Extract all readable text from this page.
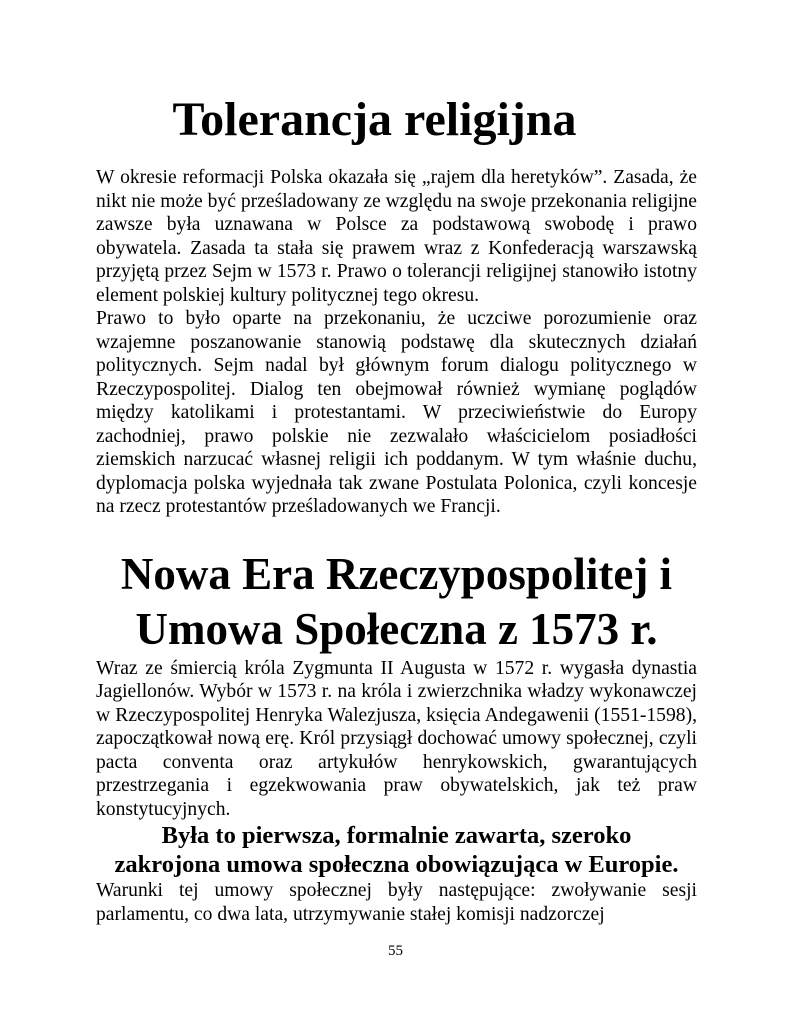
Tolerancja religijna

W okresie reformacji Polska okazała się „rajem dla heretyków”. Zasada, że nikt nie może być prześladowany ze względu na swoje przekonania religijne zawsze była uznawana w Polsce za podstawową swobodę i prawo obywatela. Zasada ta stała się prawem wraz z Konfederacją warszawską przyjętą przez Sejm w 1573 r. Prawo o tolerancji religijnej stanowiło istotny element polskiej kultury politycznej tego okresu.

Prawo to było oparte na przekonaniu, że uczciwe porozumienie oraz wzajemne poszanowanie stanowią podstawę dla skutecznych działań politycznych. Sejm nadal był głównym forum dialogu politycznego w Rzeczypospolitej. Dialog ten obejmował również wymianę poglądów między katolikami i protestantami. W przeciwieństwie do Europy zachodniej, prawo polskie nie zezwalało właścicielom posiadłości ziemskich narzucać własnej religii ich poddanym. W tym właśnie duchu, dyplomacja polska wyjednała tak zwane Postulata Polonica, czyli koncesje na rzecz protestantów prześladowanych we Francji.

Nowa Era Rzeczypospolitej i
Umowa Społeczna z 1573 r.

Wraz ze śmiercią króla Zygmunta II Augusta w 1572 r. wygasła dynastia Jagiellonów. Wybór w 1573 r. na króla i zwierzchnika władzy wykonawczej w Rzeczypospolitej Henryka Walezjusza, księcia Andegawenii (1551-1598), zapoczątkował nową erę. Król przysiągł dochować umowy społecznej, czyli pacta conventa oraz artykułów henrykowskich, gwarantujących przestrzegania i egzekwowania praw obywatelskich, jak też praw konstytucyjnych.

Była to pierwsza, formalnie zawarta, szeroko
zakrojona umowa społeczna obowiązująca w Europie.

Warunki tej umowy społecznej były następujące: zwoływanie sesji parlamentu, co dwa lata, utrzymywanie stałej komisji nadzorczej

55
